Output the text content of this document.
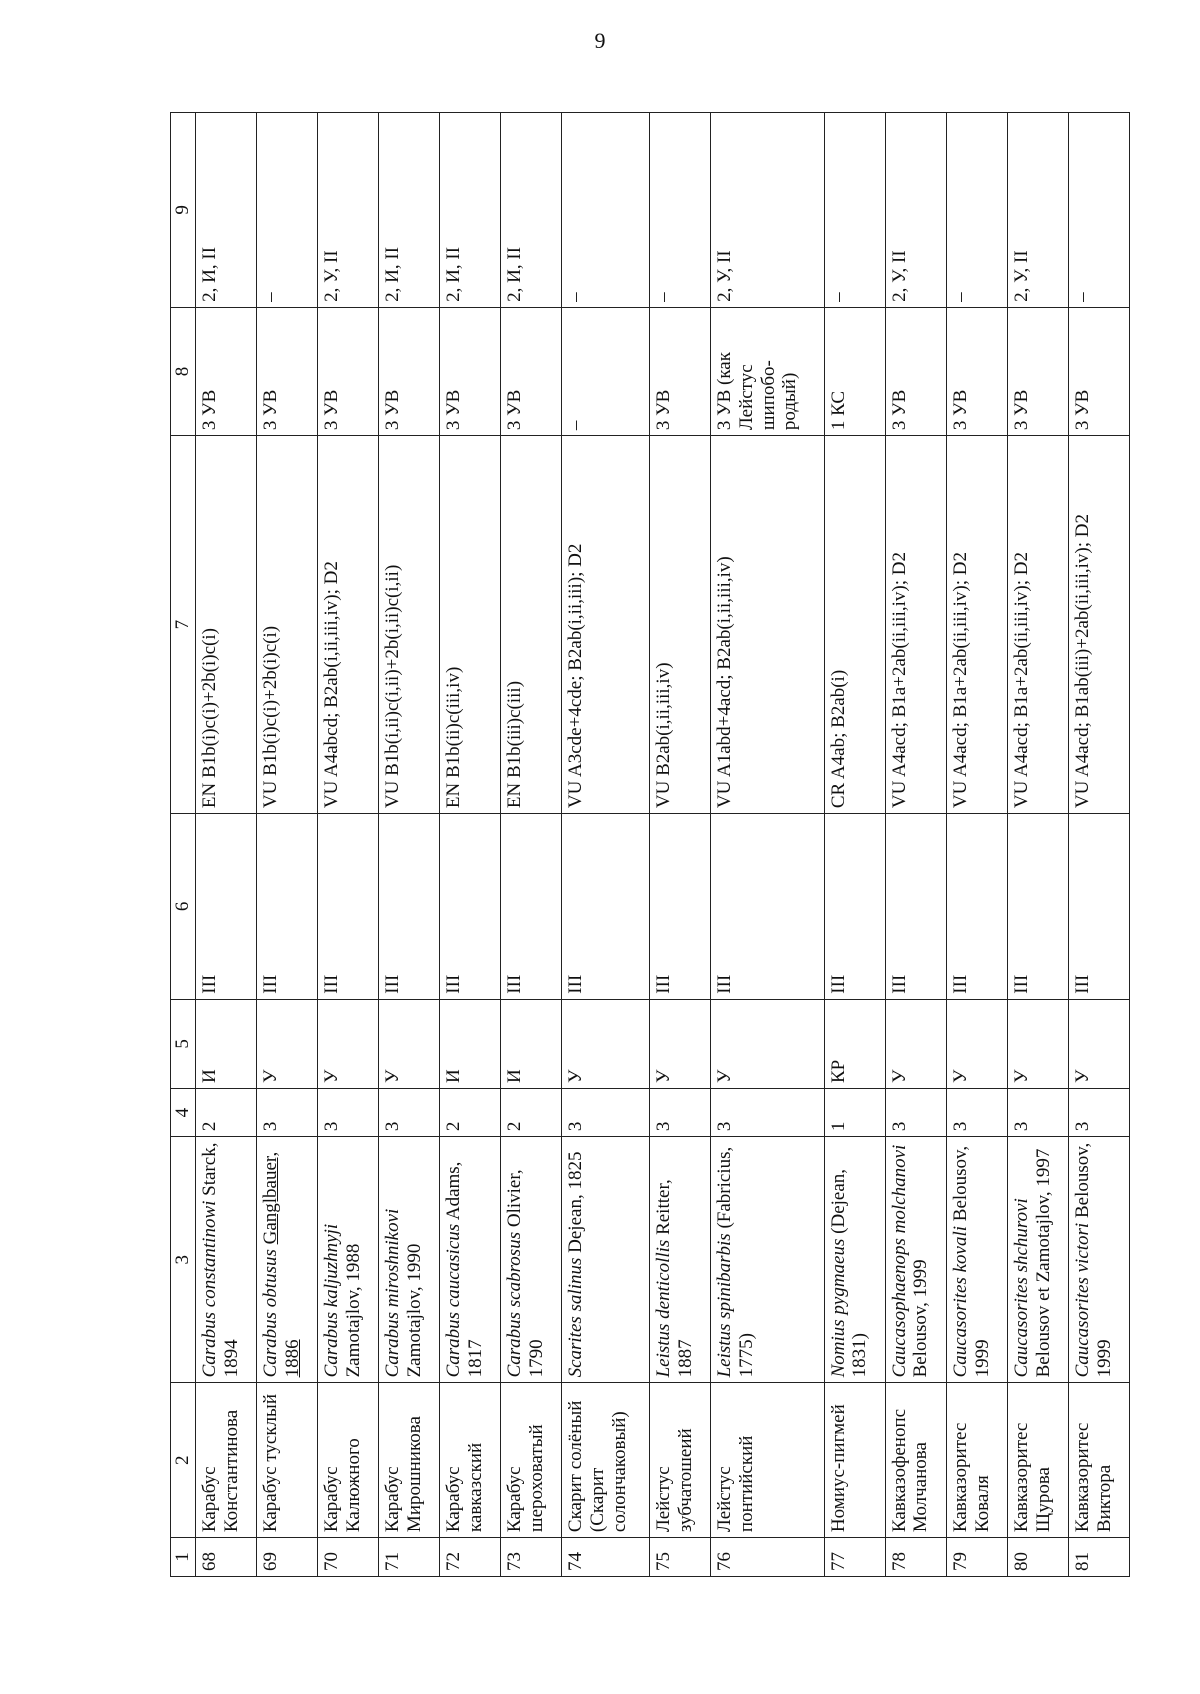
9
1	2	3	4	5	6	7	8	9
68	Карабус Константинова	Carabus constantinowi Starck, 1894	2	И	III	EN B1b(i)c(i)+2b(i)c(i)	3 УВ	2, И, II
69	Карабус тусклый	Carabus obtusus Ganglbauer, 1886	3	У	III	VU B1b(i)c(i)+2b(i)c(i)	3 УВ	–
70	Карабус Калюжного	Carabus kaljuzhnyji Zamotajlov, 1988	3	У	III	VU A4abcd; B2ab(i,ii,iii,iv); D2	3 УВ	2, У, II
71	Карабус Мирошникова	Carabus miroshnikovi Zamotajlov, 1990	3	У	III	VU B1b(i,ii)c(i,ii)+2b(i,ii)c(i,ii)	3 УВ	2, И, II
72	Карабус кавказский	Carabus caucasicus Adams, 1817	2	И	III	EN B1b(ii)c(iii,iv)	3 УВ	2, И, II
73	Карабус шероховатый	Carabus scabrosus Olivier, 1790	2	И	III	EN B1b(iii)c(iii)	3 УВ	2, И, II
74	Скарит солёный (Скарит солончаковый)	Scarites salinus Dejean, 1825	3	У	III	VU A3cde+4cde; B2ab(i,ii,iii); D2	–	–
75	Лейстус зубчатошеий	Leistus denticollis Reitter, 1887	3	У	III	VU B2ab(i,ii,iii,iv)	3 УВ	–
76	Лейстус понтийский	Leistus spinibarbis (Fabricius, 1775)	3	У	III	VU A1abd+4acd; B2ab(i,ii,iii,iv)	3 УВ (как Лейстус шипобо-родый)	2, У, II
77	Номиус-пигмей	Nomius pygmaeus (Dejean, 1831)	1	КР	III	CR A4ab; B2ab(i)	1 КС	–
78	Кавказофенопс Молчанова	Caucasophaenops molchanovi Belousov, 1999	3	У	III	VU A4acd; B1a+2ab(ii,iii,iv); D2	3 УВ	2, У, II
79	Кавказоритес Коваля	Caucasorites kovali Belousov, 1999	3	У	III	VU A4acd; B1a+2ab(ii,iii,iv); D2	3 УВ	–
80	Кавказоритес Щурова	Caucasorites shchurovi Belousov et Zamotajlov, 1997	3	У	III	VU A4acd; B1a+2ab(ii,iii,iv); D2	3 УВ	2, У, II
81	Кавказоритес Виктора	Caucasorites victori Belousov, 1999	3	У	III	VU A4acd; B1ab(iii)+2ab(ii,iii,iv); D2	3 УВ	–
